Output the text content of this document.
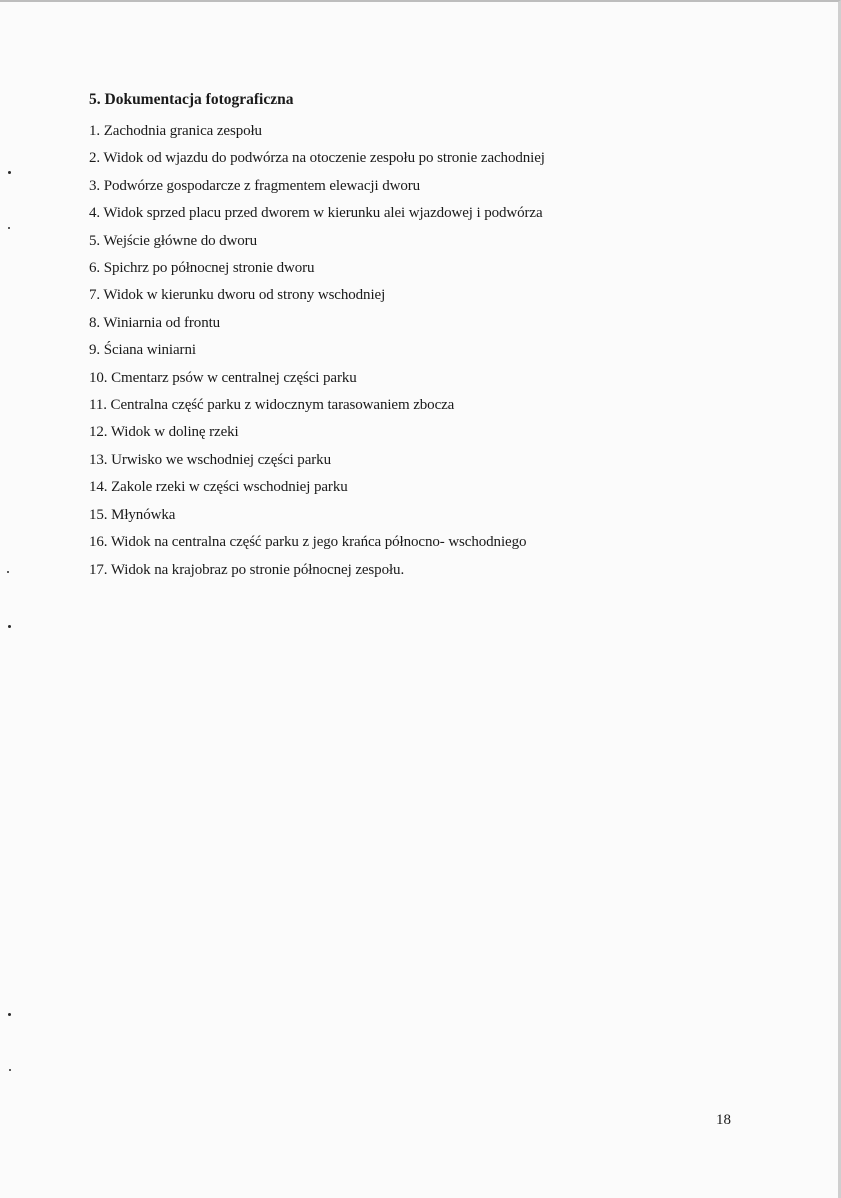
5. Dokumentacja fotograficzna
1. Zachodnia granica zespołu
2. Widok od wjazdu do podwórza na otoczenie zespołu po stronie zachodniej
3. Podwórze gospodarcze z fragmentem elewacji dworu
4. Widok sprzed placu przed dworem w kierunku alei wjazdowej i podwórza
5. Wejście główne do dworu
6. Spichrz po północnej stronie dworu
7. Widok w kierunku dworu od strony wschodniej
8. Winiarnia od frontu
9. Ściana winiarni
10. Cmentarz psów w centralnej części parku
11. Centralna część parku z widocznym tarasowaniem zbocza
12. Widok w dolinę rzeki
13. Urwisko we wschodniej części parku
14. Zakole rzeki w części wschodniej parku
15. Młynówka
16. Widok na centralna część parku z jego krańca północno- wschodniego
17. Widok na krajobraz po stronie północnej zespołu.
18
